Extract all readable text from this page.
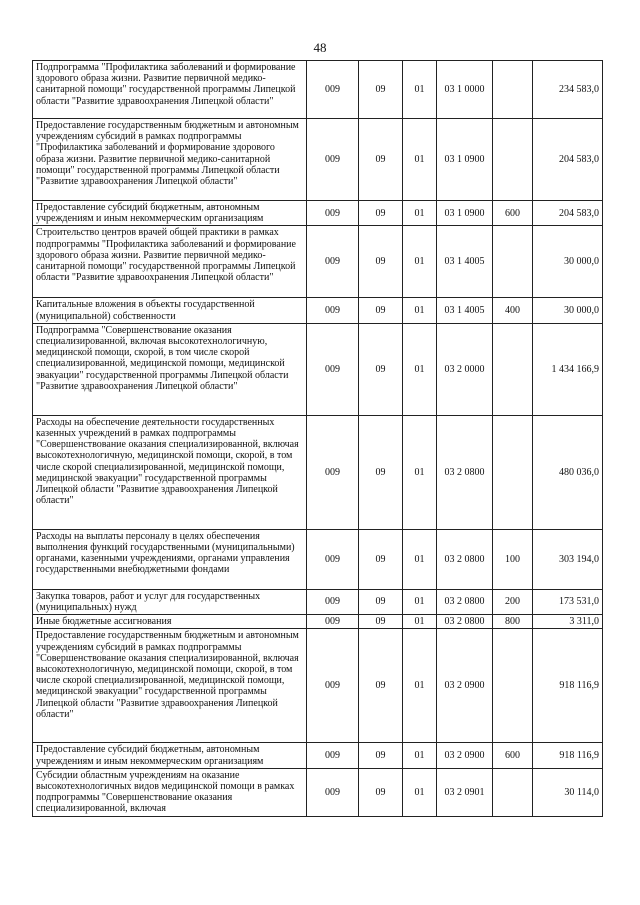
48
Подпрограмма "Профилактика заболеваний и формирование здорового образа жизни. Развитие первичной медико-санитарной помощи" государственной программы Липецкой области "Развитие здравоохранения Липецкой области"	009	09	01	03 1 0000		234 583,0
Предоставление государственным бюджетным и автономным учреждениям субсидий в рамках подпрограммы "Профилактика заболеваний и формирование здорового образа жизни. Развитие первичной медико-санитарной помощи" государственной программы Липецкой области "Развитие здравоохранения Липецкой области"	009	09	01	03 1 0900		204 583,0
Предоставление субсидий бюджетным, автономным учреждениям и иным некоммерческим организациям	009	09	01	03 1 0900	600	204 583,0
Строительство центров врачей общей практики в рамках подпрограммы "Профилактика заболеваний и формирование здорового образа жизни. Развитие первичной медико-санитарной помощи" государственной программы Липецкой области "Развитие здравоохранения Липецкой области"	009	09	01	03 1 4005		30 000,0
Капитальные вложения в объекты государственной (муниципальной) собственности	009	09	01	03 1 4005	400	30 000,0
Подпрограмма "Совершенствование оказания специализированной, включая высокотехнологичную, медицинской помощи, скорой, в том числе скорой специализированной, медицинской помощи, медицинской эвакуации" государственной программы Липецкой области "Развитие здравоохранения Липецкой области"	009	09	01	03 2 0000		1 434 166,9
Расходы на обеспечение деятельности государственных казенных учреждений в рамках подпрограммы "Совершенствование оказания специализированной, включая высокотехнологичную, медицинской помощи, скорой, в том числе скорой специализированной, медицинской помощи, медицинской эвакуации" государственной программы Липецкой области "Развитие здравоохранения Липецкой области"	009	09	01	03 2 0800		480 036,0
Расходы на выплаты персоналу в целях обеспечения выполнения функций государственными (муниципальными) органами, казенными учреждениями, органами управления государственными внебюджетными фондами	009	09	01	03 2 0800	100	303 194,0
Закупка товаров, работ и услуг для государственных (муниципальных) нужд	009	09	01	03 2 0800	200	173 531,0
Иные бюджетные ассигнования	009	09	01	03 2 0800	800	3 311,0
Предоставление государственным бюджетным и автономным учреждениям субсидий в рамках подпрограммы "Совершенствование оказания специализированной, включая высокотехнологичную, медицинской помощи, скорой, в том числе скорой специализированной, медицинской помощи, медицинской эвакуации" государственной программы Липецкой области "Развитие здравоохранения Липецкой области"	009	09	01	03 2 0900		918 116,9
Предоставление субсидий бюджетным, автономным учреждениям и иным некоммерческим организациям	009	09	01	03 2 0900	600	918 116,9
Субсидии областным учреждениям на оказание высокотехнологичных видов медицинской помощи в рамках подпрограммы "Совершенствование оказания специализированной, включая	009	09	01	03 2 0901		30 114,0
